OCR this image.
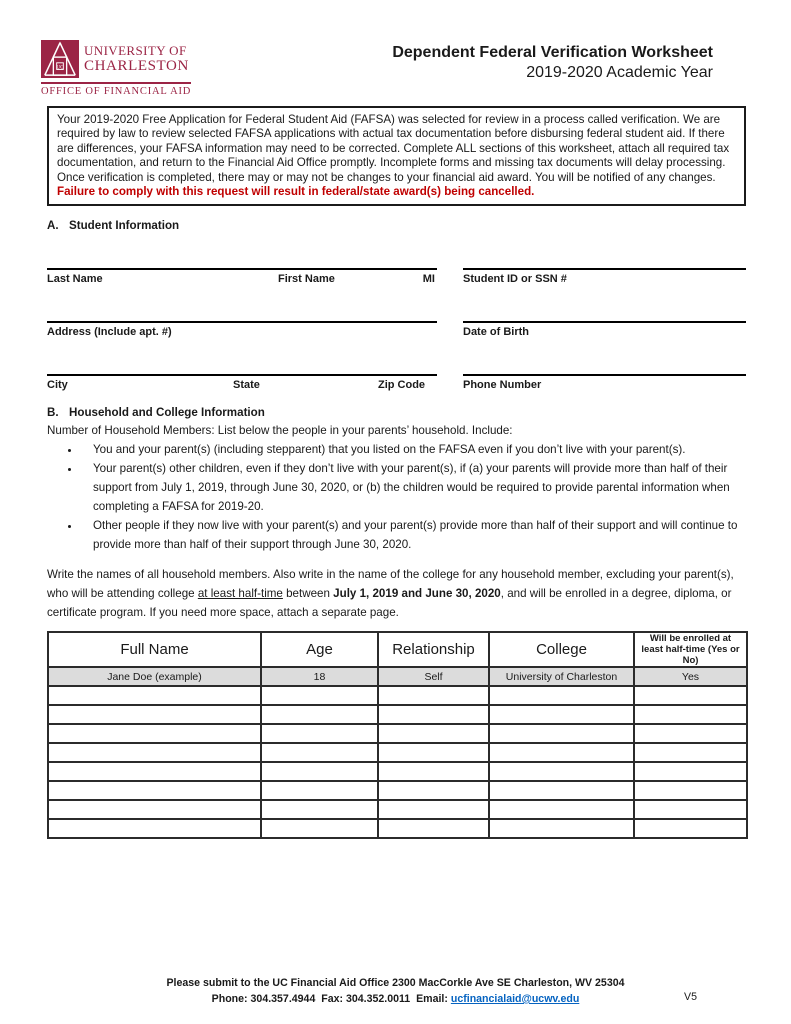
UC
UNIVERSITY OF
CHARLESTON
OFFICE OF FINANCIAL AID
Dependent Federal Verification Worksheet
2019-2020 Academic Year
Your 2019-2020 Free Application for Federal Student Aid (FAFSA) was selected for review in a process called verification. We are required by law to review selected FAFSA applications with actual tax documentation before disbursing federal student aid. If there are differences, your FAFSA information may need to be corrected. Complete ALL sections of this worksheet, attach all required tax documentation, and return to the Financial Aid Office promptly. Incomplete forms and missing tax documents will delay processing. Once verification is completed, there may or may not be changes to your financial aid award. You will be notified of any changes. Failure to comply with this request will result in federal/state award(s) being cancelled.
A. Student Information
Last Name	First Name	MI	Student ID or SSN #
Address (Include apt. #)	Date of Birth
City	State	Zip Code	Phone Number
B. Household and College Information
Number of Household Members: List below the people in your parents’ household. Include:
• You and your parent(s) (including stepparent) that you listed on the FAFSA even if you don’t live with your parent(s).
• Your parent(s) other children, even if they don’t live with your parent(s), if (a) your parents will provide more than half of their support from July 1, 2019, through June 30, 2020, or (b) the children would be required to provide parental information when completing a FAFSA for 2019-20.
• Other people if they now live with your parent(s) and your parent(s) provide more than half of their support and will continue to provide more than half of their support through June 30, 2020.
Write the names of all household members. Also write in the name of the college for any household member, excluding your parent(s), who will be attending college at least half-time between July 1, 2019 and June 30, 2020, and will be enrolled in a degree, diploma, or certificate program. If you need more space, attach a separate page.
Full Name	Age	Relationship	College	Will be enrolled at least half-time (Yes or No)
Jane Doe (example)	18	Self	University of Charleston	Yes

Please submit to the UC Financial Aid Office 2300 MacCorkle Ave SE Charleston, WV 25304
Phone: 304.357.4944 Fax: 304.352.0011 Email: ucfinancialaid@ucwv.edu	V5
